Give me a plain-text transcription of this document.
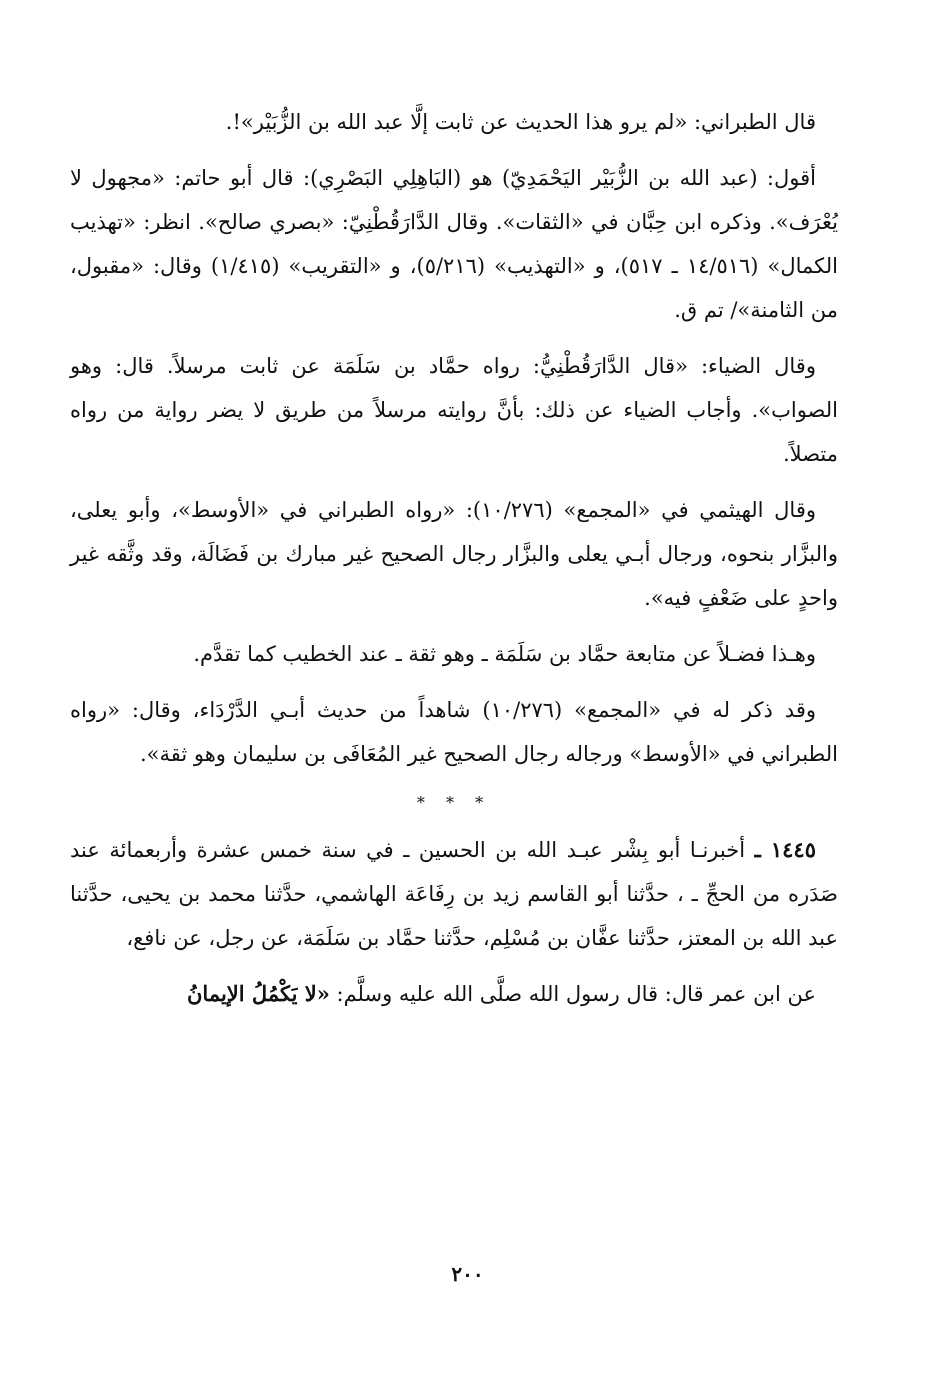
قال الطبراني: «لم يرو هذا الحديث عن ثابت إلَّا عبد الله بن الزُّبَيْر»!.

أقول: (عبد الله بن الزُّبَيْر اليَحْمَدِيّ) هو (البَاهِلِي البَصْرِي): قال أبو حاتم: «مجهول لا يُعْرَف». وذكره ابن حِبَّان في «الثقات». وقال الدَّارَقُطْنِيّ: «بصري صالح». انظر: «تهذيب الكمال» (١٤/٥١٦ ـ ٥١٧)، و «التهذيب» (٥/٢١٦)، و «التقريب» (١/٤١٥) وقال: «مقبول، من الثامنة»/ تم ق.

وقال الضياء: «قال الدَّارَقُطْنِيُّ: رواه حمَّاد بن سَلَمَة عن ثابت مرسلاً. قال: وهو الصواب». وأجاب الضياء عن ذلك: بأنَّ روايته مرسلاً من طريق لا يضر رواية من رواه متصلاً.

وقال الهيثمي في «المجمع» (١٠/٢٧٦): «رواه الطبراني في «الأوسط»، وأبو يعلى، والبزَّار بنحوه، ورجال أبـي يعلى والبزَّار رجال الصحيح غير مبارك بن فَضَالَة، وقد وثَّقه غير واحدٍ على ضَعْفٍ فيه».

وهـذا فضـلاً عن متابعة حمَّاد بن سَلَمَة ـ وهو ثقة ـ عند الخطيب كما تقدَّم.

وقد ذكر له في «المجمع» (١٠/٢٧٦) شاهداً من حديث أبـي الدَّرْدَاء، وقال: «رواه الطبراني في «الأوسط» ورجاله رجال الصحيح غير المُعَافَى بن سليمان وهو ثقة».

* * *

١٤٤٥ ـ أخبرنـا أبو بِشْر عبـد الله بن الحسين ـ في سنة خمس عشرة وأربعمائة عند صَدَره من الحجِّ ـ ، حدَّثنا أبو القاسم زيد بن رِفَاعَة الهاشمي، حدَّثنا محمد بن يحيى، حدَّثنا عبد الله بن المعتز، حدَّثنا عفَّان بن مُسْلِم، حدَّثنا حمَّاد بن سَلَمَة، عن رجل، عن نافع،

عن ابن عمر قال: قال رسول الله صلَّى الله عليه وسلَّم: «لا يَكْمُلُ الإيمانُ

٢٠٠
